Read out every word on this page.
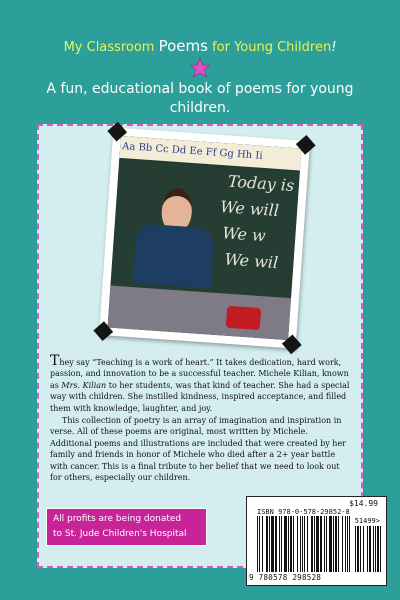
My Classroom Poems for Young Children!
A fun, educational book of poems for young children.
Aa Bb Cc Dd Ee Ff Gg Hh Ii
Today is
We will
We w
We wil

They say “Teaching is a work of heart.” It takes dedication, hard work, passion, and innovation to be a successful teacher. Michele Kilian, known as Mrs. Kilian to her students, was that kind of teacher. She had a special way with children. She instilled kindness, inspired acceptance, and filled them with knowledge, laughter, and joy.

This collection of poetry is an array of imagination and inspiration in verse. All of these poems are original, most written by Michele. Additional poems and illustrations are included that were created by her family and friends in honor of Michele who died after a 2+ year battle with cancer. This is a final tribute to her belief that we need to look out for others, especially our children.

All profits are being donated
to St. Jude Children's Hospital
$14.99
ISBN 978-0-578-29852-8
51499>
9 780578 298528
